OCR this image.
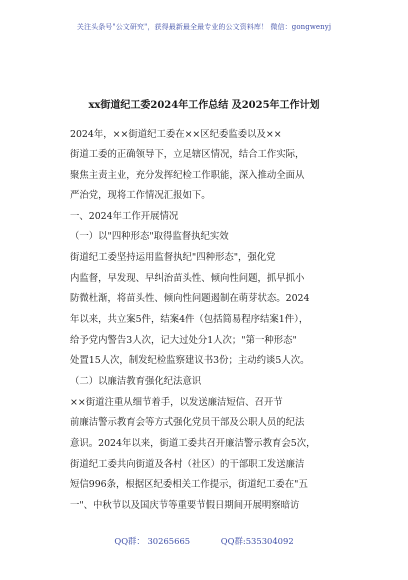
关注头条号"公文研究"，获得最新最全最专业的公文资料库！ 微信：gongwenyj
xx街道纪工委2024年工作总结 及2025年工作计划
2024年，××街道纪工委在××区纪委监委以及××
街道工委的正确领导下，立足辖区情况，结合工作实际，
聚焦主责主业，充分发挥纪检工作职能，深入推动全面从
严治党，现将工作情况汇报如下。
一、2024年工作开展情况
（一）以"四种形态"取得监督执纪实效
街道纪工委坚持运用监督执纪"四种形态"，强化党
内监督，早发现、早纠治苗头性、倾向性问题，抓早抓小
防微杜渐，将苗头性、倾向性问题遏制在萌芽状态。2024
年以来，共立案5件，结案4件（包括简易程序结案1件），
给予党内警告3人次，记大过处分1人次；"第一种形态"
处置15人次，制发纪检监察建议书3份；主动约谈5人次。
（二）以廉洁教育强化纪法意识
××街道注重从细节着手，以发送廉洁短信、召开节
前廉洁警示教育会等方式强化党员干部及公职人员的纪法
意识。2024年以来，街道工委共召开廉洁警示教育会5次，
街道纪工委共向街道及各村（社区）的干部职工发送廉洁
短信996条，根据区纪委相关工作提示，街道纪工委在"五
一"、中秋节以及国庆节等重要节假日期间开展明察暗访
QQ群： 30265665	QQ群:535304092
